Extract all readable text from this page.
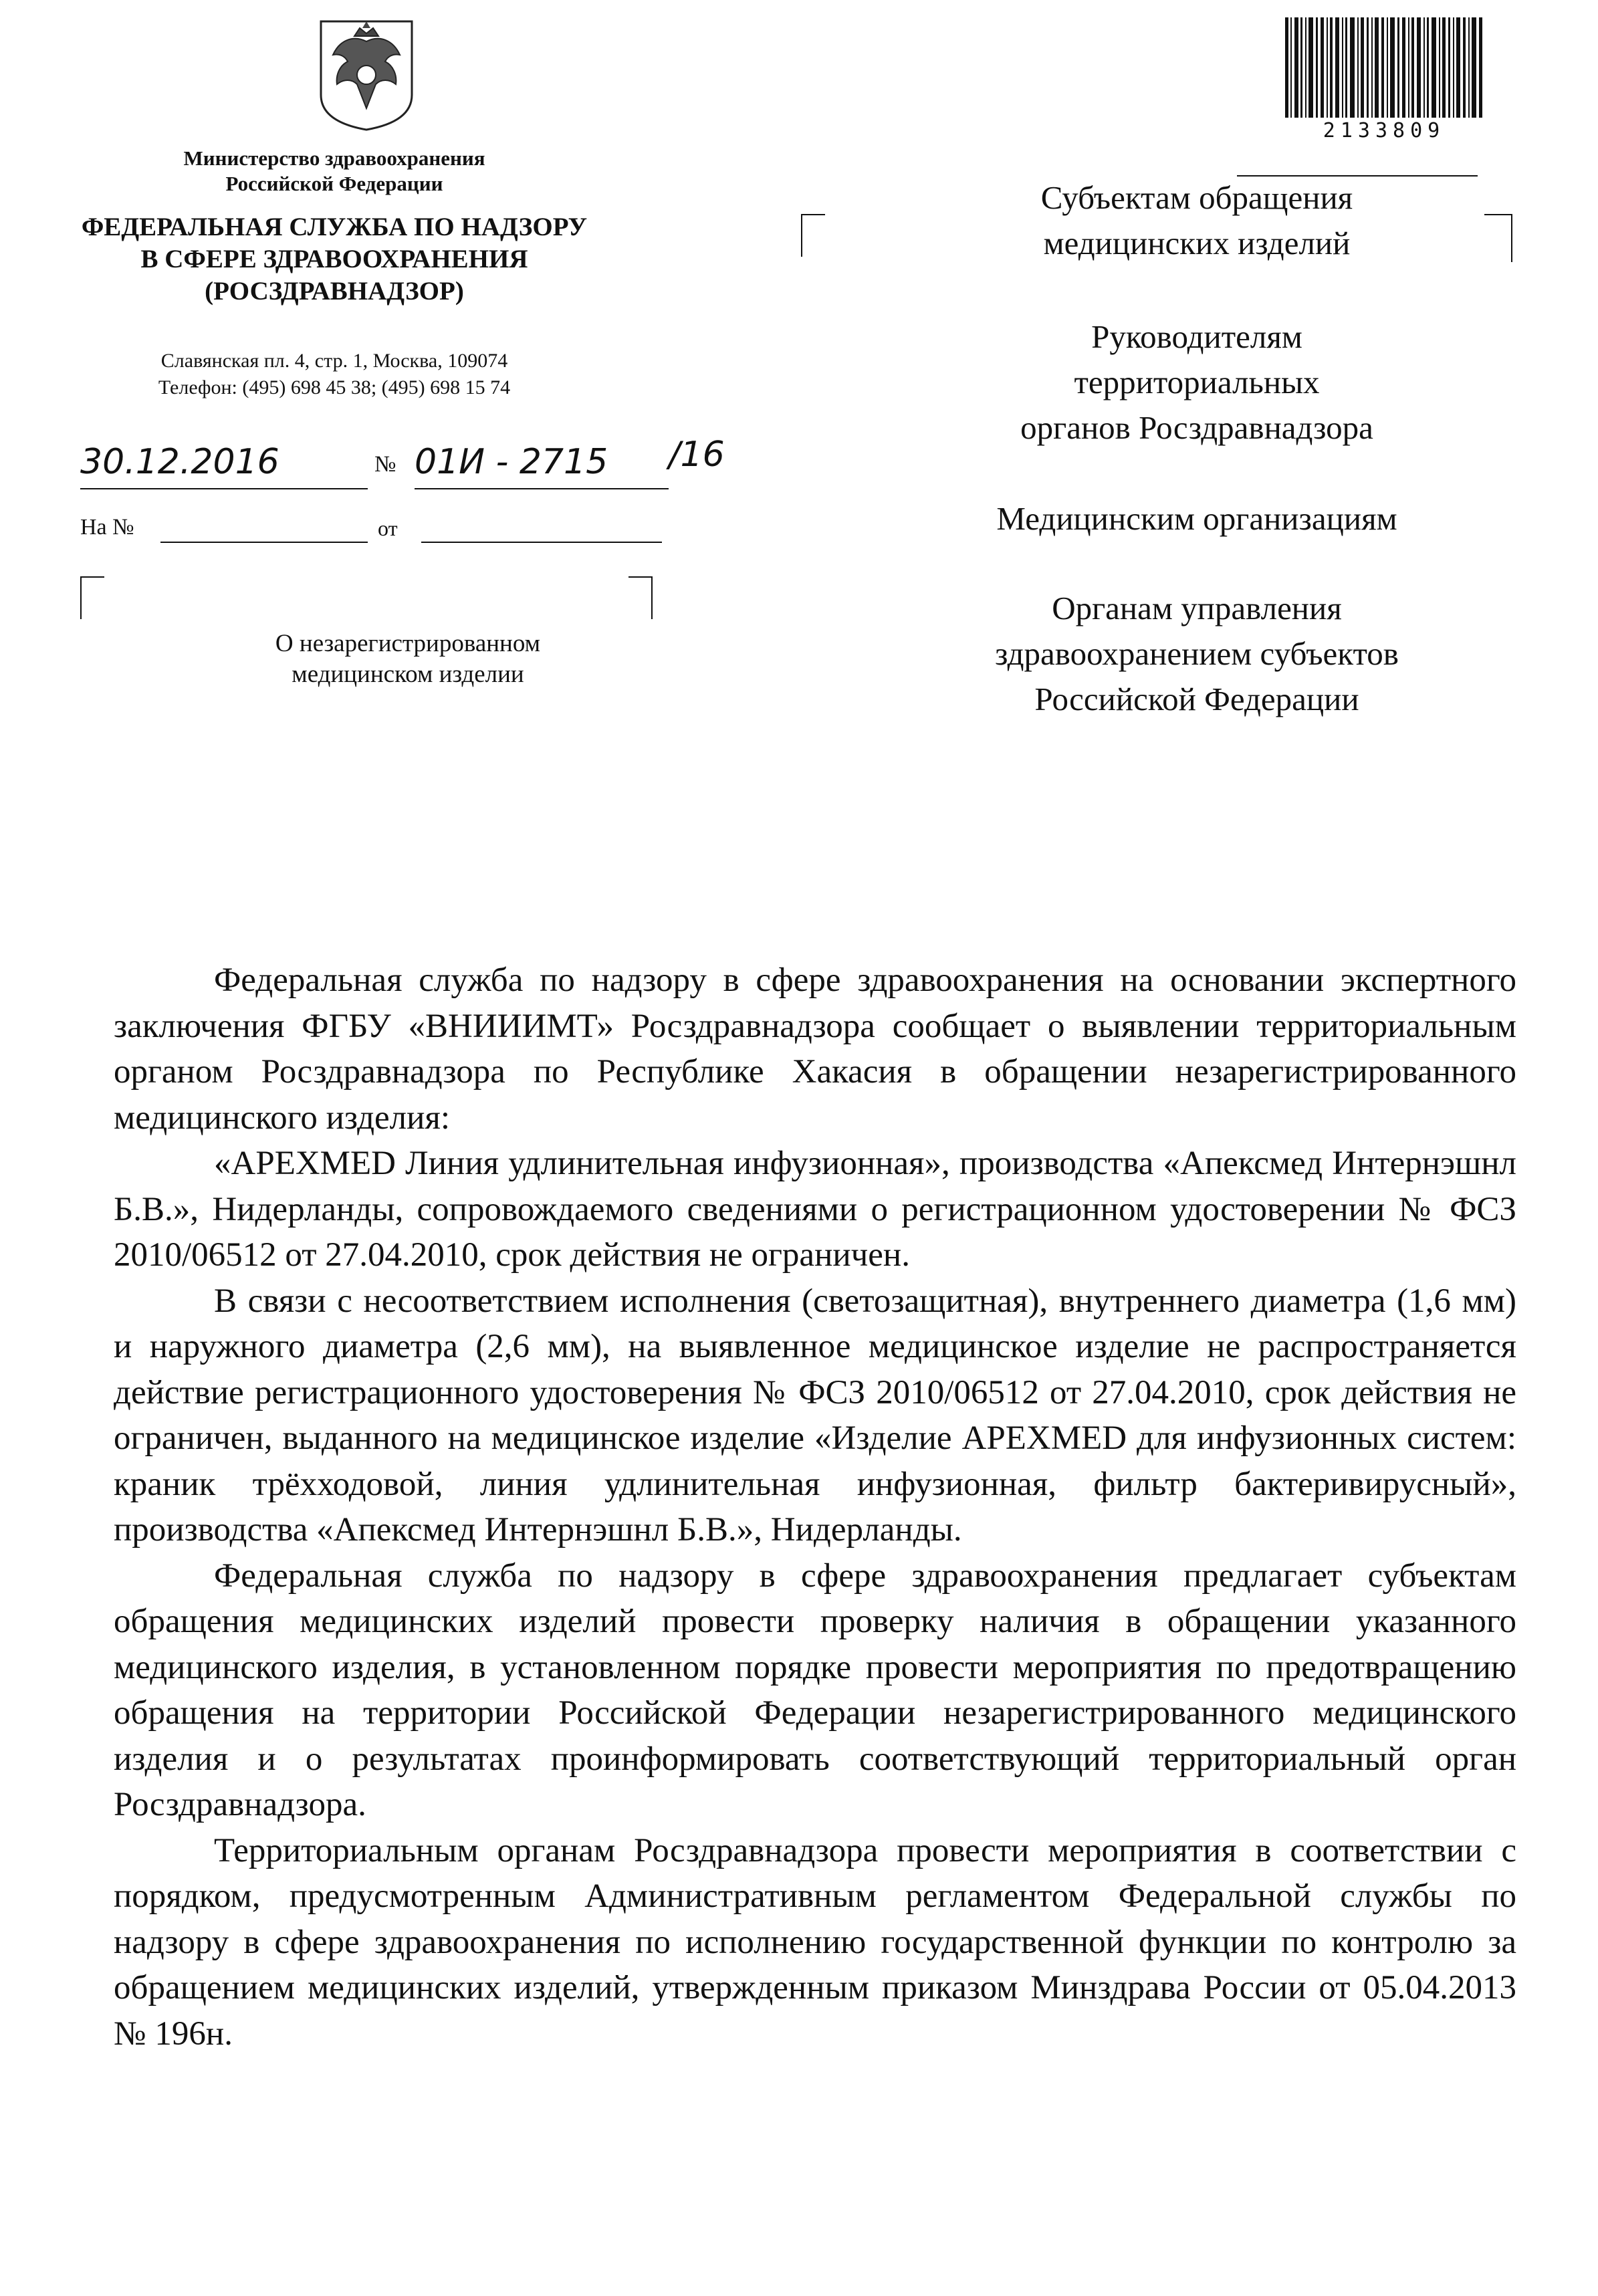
Министерство здравоохранения
Российской Федерации
ФЕДЕРАЛЬНАЯ СЛУЖБА ПО НАДЗОРУ
В СФЕРЕ ЗДРАВООХРАНЕНИЯ
(РОСЗДРАВНАДЗОР)
Славянская пл. 4, стр. 1, Москва, 109074
Телефон: (495) 698 45 38; (495) 698 15 74
30.12.2016	№ 01И - 2715	/16
На №	от
О незарегистрированном
медицинском изделии
2133809
Субъектам обращения
медицинских изделий
Руководителям
территориальных
органов Росздравнадзора
Медицинским организациям
Органам управления
здравоохранением субъектов
Российской Федерации

Федеральная служба по надзору в сфере здравоохранения на основании экспертного заключения ФГБУ «ВНИИИМТ» Росздравнадзора сообщает о выявлении территориальным органом Росздравнадзора по Республике Хакасия в обращении незарегистрированного медицинского изделия:

«APEXMED Линия удлинительная инфузионная», производства «Апексмед Интернэшнл Б.В.», Нидерланды, сопровождаемого сведениями о регистрационном удостоверении № ФСЗ 2010/06512 от 27.04.2010, срок действия не ограничен.

В связи с несоответствием исполнения (светозащитная), внутреннего диаметра (1,6 мм) и наружного диаметра (2,6 мм), на выявленное медицинское изделие не распространяется действие регистрационного удостоверения № ФСЗ 2010/06512 от 27.04.2010, срок действия не ограничен, выданного на медицинское изделие «Изделие APEXMED для инфузионных систем: краник трёхходовой, линия удлинительная инфузионная, фильтр бактеривирусный», производства «Апексмед Интернэшнл Б.В.», Нидерланды.

Федеральная служба по надзору в сфере здравоохранения предлагает субъектам обращения медицинских изделий провести проверку наличия в обращении указанного медицинского изделия, в установленном порядке провести мероприятия по предотвращению обращения на территории Российской Федерации незарегистрированного медицинского изделия и о результатах проинформировать соответствующий территориальный орган Росздравнадзора.

Территориальным органам Росздравнадзора провести мероприятия в соответствии с порядком, предусмотренным Административным регламентом Федеральной службы по надзору в сфере здравоохранения по исполнению государственной функции по контролю за обращением медицинских изделий, утвержденным приказом Минздрава России от 05.04.2013 № 196н.
